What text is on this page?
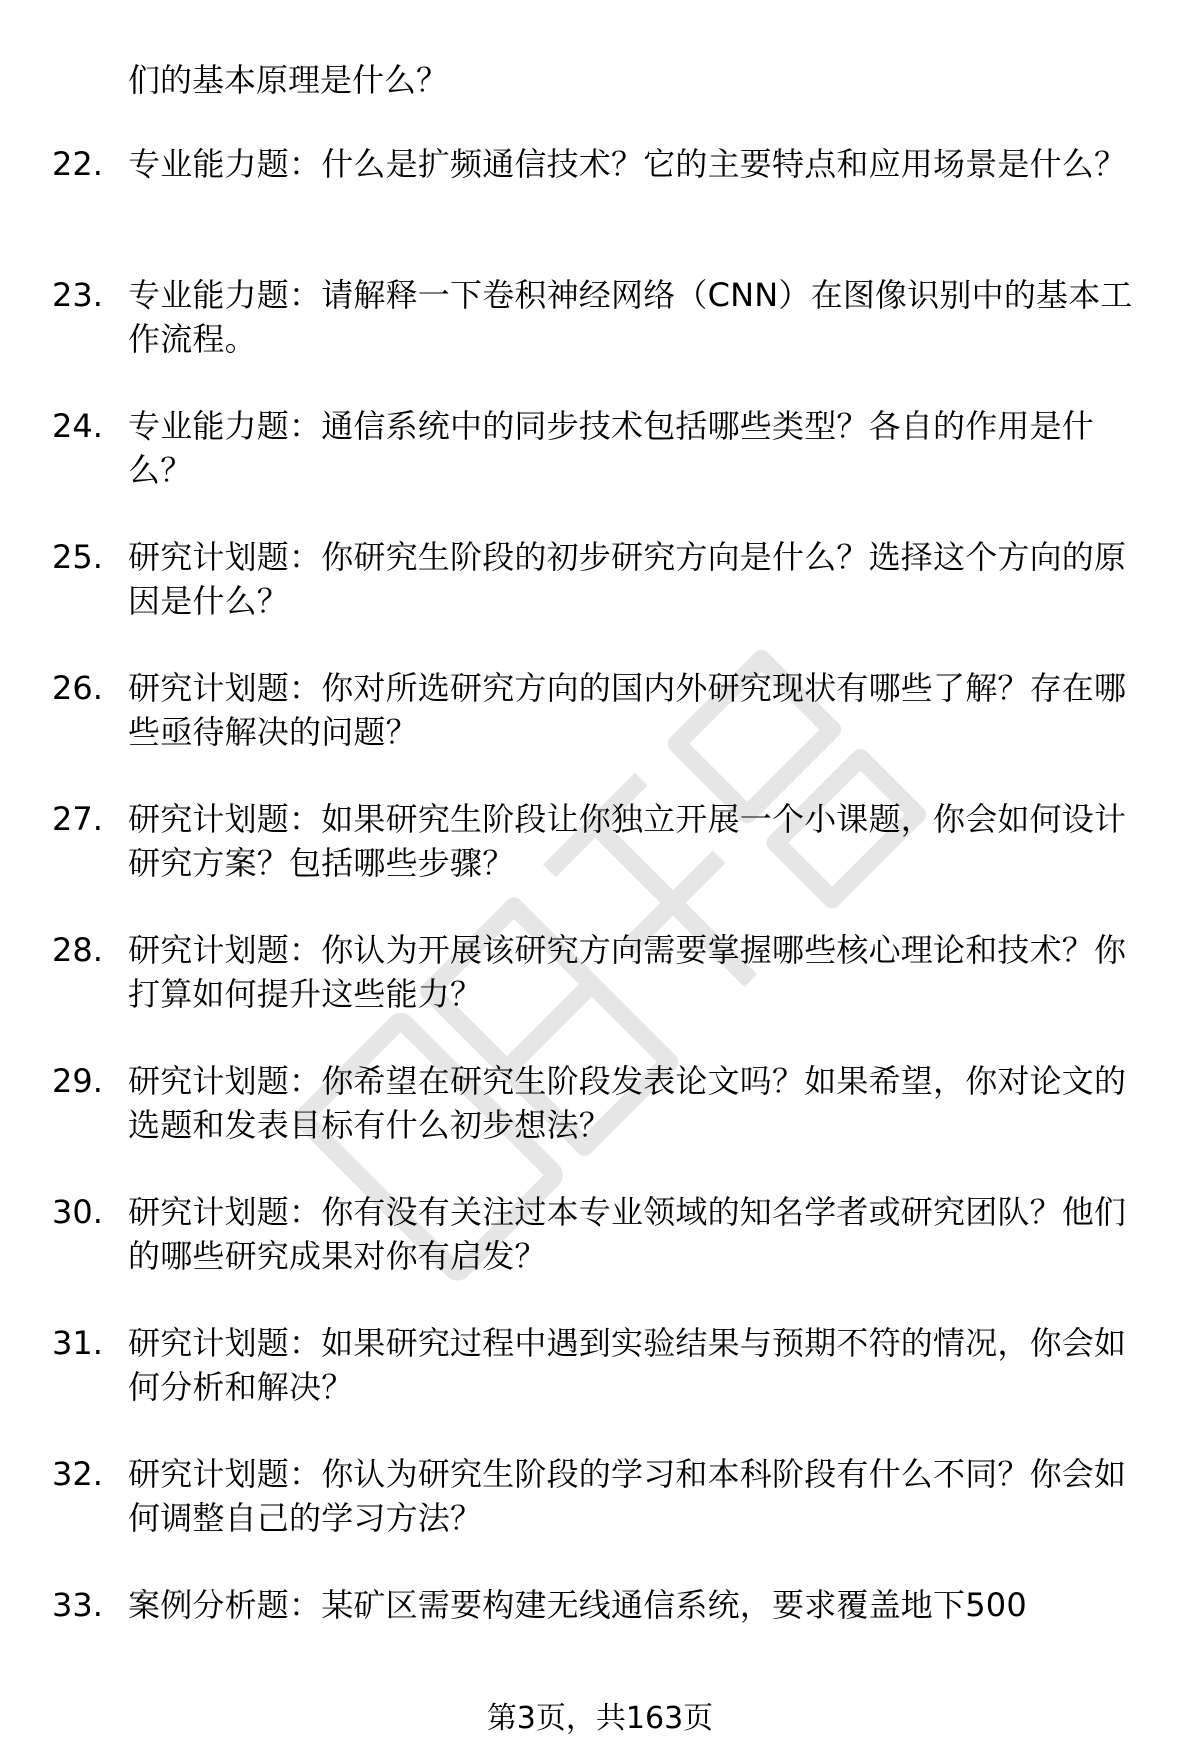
们的基本原理是什么？
22. 专业能力题：什么是扩频通信技术？它的主要特点和应用场景是什么？
23. 专业能力题：请解释一下卷积神经网络（CNN）在图像识别中的基本工作流程。
24. 专业能力题：通信系统中的同步技术包括哪些类型？各自的作用是什么？
25. 研究计划题：你研究生阶段的初步研究方向是什么？选择这个方向的原因是什么？
26. 研究计划题：你对所选研究方向的国内外研究现状有哪些了解？存在哪些亟待解决的问题？
27. 研究计划题：如果研究生阶段让你独立开展一个小课题，你会如何设计研究方案？包括哪些步骤？
28. 研究计划题：你认为开展该研究方向需要掌握哪些核心理论和技术？你打算如何提升这些能力？
29. 研究计划题：你希望在研究生阶段发表论文吗？如果希望，你对论文的选题和发表目标有什么初步想法？
30. 研究计划题：你有没有关注过本专业领域的知名学者或研究团队？他们的哪些研究成果对你有启发？
31. 研究计划题：如果研究过程中遇到实验结果与预期不符的情况，你会如何分析和解决？
32. 研究计划题：你认为研究生阶段的学习和本科阶段有什么不同？你会如何调整自己的学习方法？
33. 案例分析题：某矿区需要构建无线通信系统，要求覆盖地下500
第3页，共163页
